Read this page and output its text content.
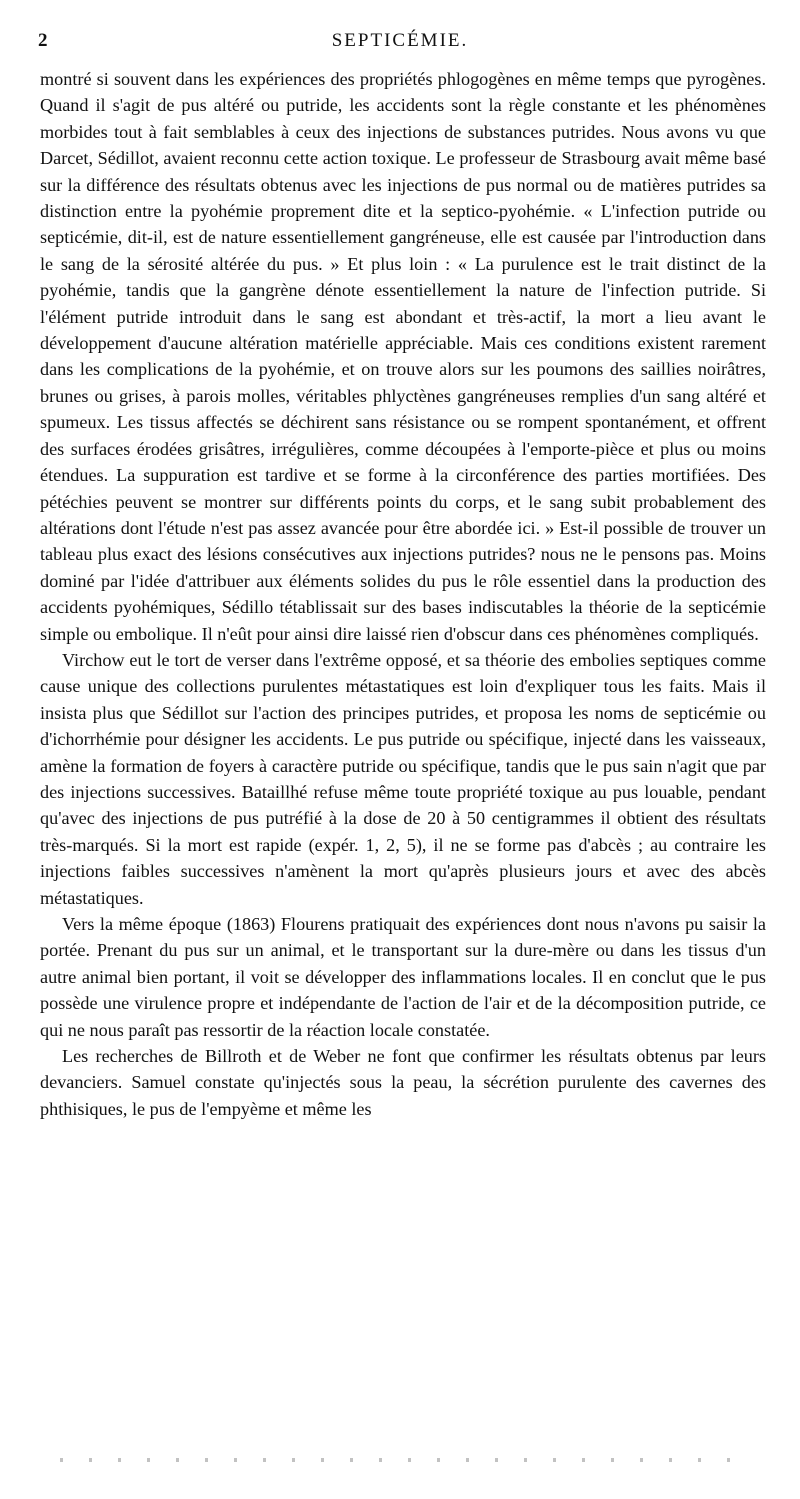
2	SEPTICÉMIE.

montré si souvent dans les expériences des propriétés phlogogènes en même temps que pyrogènes. Quand il s'agit de pus altéré ou putride, les accidents sont la règle constante et les phénomènes morbides tout à fait semblables à ceux des injections de substances putrides. Nous avons vu que Darcet, Sédillot, avaient reconnu cette action toxique. Le professeur de Strasbourg avait même basé sur la différence des résultats obtenus avec les injections de pus normal ou de matières putrides sa distinction entre la pyohémie proprement dite et la septico-pyohémie. « L'infection putride ou septicémie, dit-il, est de nature essentiellement gangréneuse, elle est causée par l'introduction dans le sang de la sérosité altérée du pus. » Et plus loin : « La purulence est le trait distinct de la pyohémie, tandis que la gangrène dénote essentiellement la nature de l'infection putride. Si l'élément putride introduit dans le sang est abondant et très-actif, la mort a lieu avant le développement d'aucune altération matérielle appréciable. Mais ces conditions existent rarement dans les complications de la pyohémie, et on trouve alors sur les poumons des saillies noirâtres, brunes ou grises, à parois molles, véritables phlyctènes gangréneuses remplies d'un sang altéré et spumeux. Les tissus affectés se déchirent sans résistance ou se rompent spontanément, et offrent des surfaces érodées grisâtres, irrégulières, comme découpées à l'emporte-pièce et plus ou moins étendues. La suppuration est tardive et se forme à la circonférence des parties mortifiées. Des pétéchies peuvent se montrer sur différents points du corps, et le sang subit probablement des altérations dont l'étude n'est pas assez avancée pour être abordée ici. » Est-il possible de trouver un tableau plus exact des lésions consécutives aux injections putrides? nous ne le pensons pas. Moins dominé par l'idée d'attribuer aux éléments solides du pus le rôle essentiel dans la production des accidents pyohémiques, Sédillo tétablissait sur des bases indiscutables la théorie de la septicémie simple ou embolique. Il n'eût pour ainsi dire laissé rien d'obscur dans ces phénomènes compliqués.

Virchow eut le tort de verser dans l'extrême opposé, et sa théorie des embolies septiques comme cause unique des collections purulentes métastatiques est loin d'expliquer tous les faits. Mais il insista plus que Sédillot sur l'action des principes putrides, et proposa les noms de septicémie ou d'ichorrhémie pour désigner les accidents. Le pus putride ou spécifique, injecté dans les vaisseaux, amène la formation de foyers à caractère putride ou spécifique, tandis que le pus sain n'agit que par des injections successives. Bataillhé refuse même toute propriété toxique au pus louable, pendant qu'avec des injections de pus putréfié à la dose de 20 à 50 centigrammes il obtient des résultats très-marqués. Si la mort est rapide (expér. 1, 2, 5), il ne se forme pas d'abcès ; au contraire les injections faibles successives n'amènent la mort qu'après plusieurs jours et avec des abcès métastatiques.

Vers la même époque (1863) Flourens pratiquait des expériences dont nous n'avons pu saisir la portée. Prenant du pus sur un animal, et le transportant sur la dure-mère ou dans les tissus d'un autre animal bien portant, il voit se développer des inflammations locales. Il en conclut que le pus possède une virulence propre et indépendante de l'action de l'air et de la décomposition putride, ce qui ne nous paraît pas ressortir de la réaction locale constatée.

Les recherches de Billroth et de Weber ne font que confirmer les résultats obtenus par leurs devanciers. Samuel constate qu'injectés sous la peau, la sécrétion purulente des cavernes des phthisiques, le pus de l'empyème et même les
